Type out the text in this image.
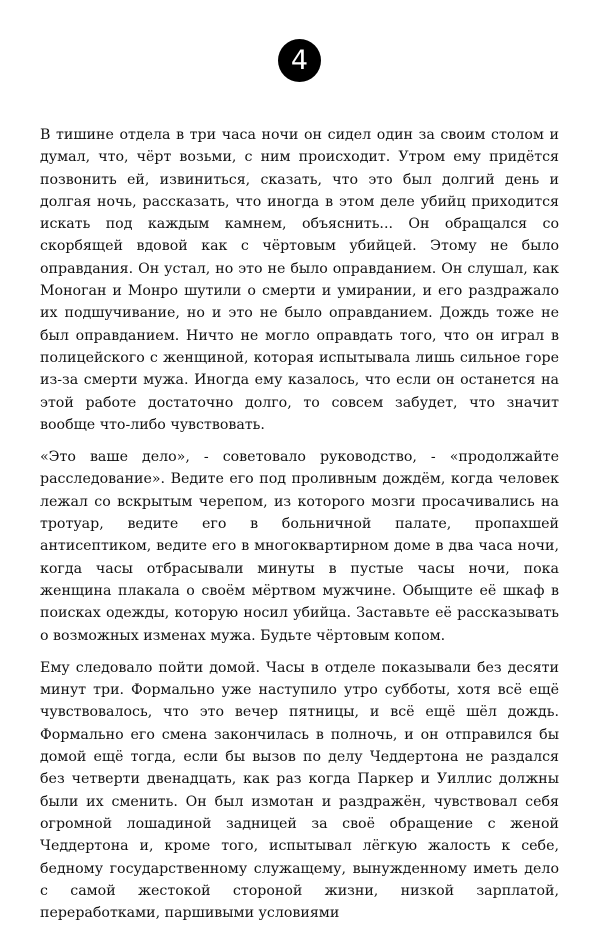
4

В тишине отдела в три часа ночи он сидел один за своим столом и думал, что, чёрт возьми, с ним происходит. Утром ему придётся позвонить ей, извиниться, сказать, что это был долгий день и долгая ночь, рассказать, что иногда в этом деле убийц приходится искать под каждым камнем, объяснить... Он обращался со скорбящей вдовой как с чёртовым убийцей. Этому не было оправдания. Он устал, но это не было оправданием. Он слушал, как Моноган и Монро шутили о смерти и умирании, и его раздражало их подшучивание, но и это не было оправданием. Дождь тоже не был оправданием. Ничто не могло оправдать того, что он играл в полицейского с женщиной, которая испытывала лишь сильное горе из-за смерти мужа. Иногда ему казалось, что если он останется на этой работе достаточно долго, то совсем забудет, что значит вообще что-либо чувствовать.

«Это ваше дело», - советовало руководство, - «продолжайте расследование». Ведите его под проливным дождём, когда человек лежал со вскрытым черепом, из которого мозги просачивались на тротуар, ведите его в больничной палате, пропахшей антисептиком, ведите его в многоквартирном доме в два часа ночи, когда часы отбрасывали минуты в пустые часы ночи, пока женщина плакала о своём мёртвом мужчине. Обыщите её шкаф в поисках одежды, которую носил убийца. Заставьте её рассказывать о возможных изменах мужа. Будьте чёртовым копом.

Ему следовало пойти домой. Часы в отделе показывали без десяти минут три. Формально уже наступило утро субботы, хотя всё ещё чувствовалось, что это вечер пятницы, и всё ещё шёл дождь. Формально его смена закончилась в полночь, и он отправился бы домой ещё тогда, если бы вызов по делу Чеддертона не раздался без четверти двенадцать, как раз когда Паркер и Уиллис должны были их сменить. Он был измотан и раздражён, чувствовал себя огромной лошадиной задницей за своё обращение с женой Чеддертона и, кроме того, испытывал лёгкую жалость к себе, бедному государственному служащему, вынужденному иметь дело с самой жестокой стороной жизни, низкой зарплатой, переработками, паршивыми условиями
